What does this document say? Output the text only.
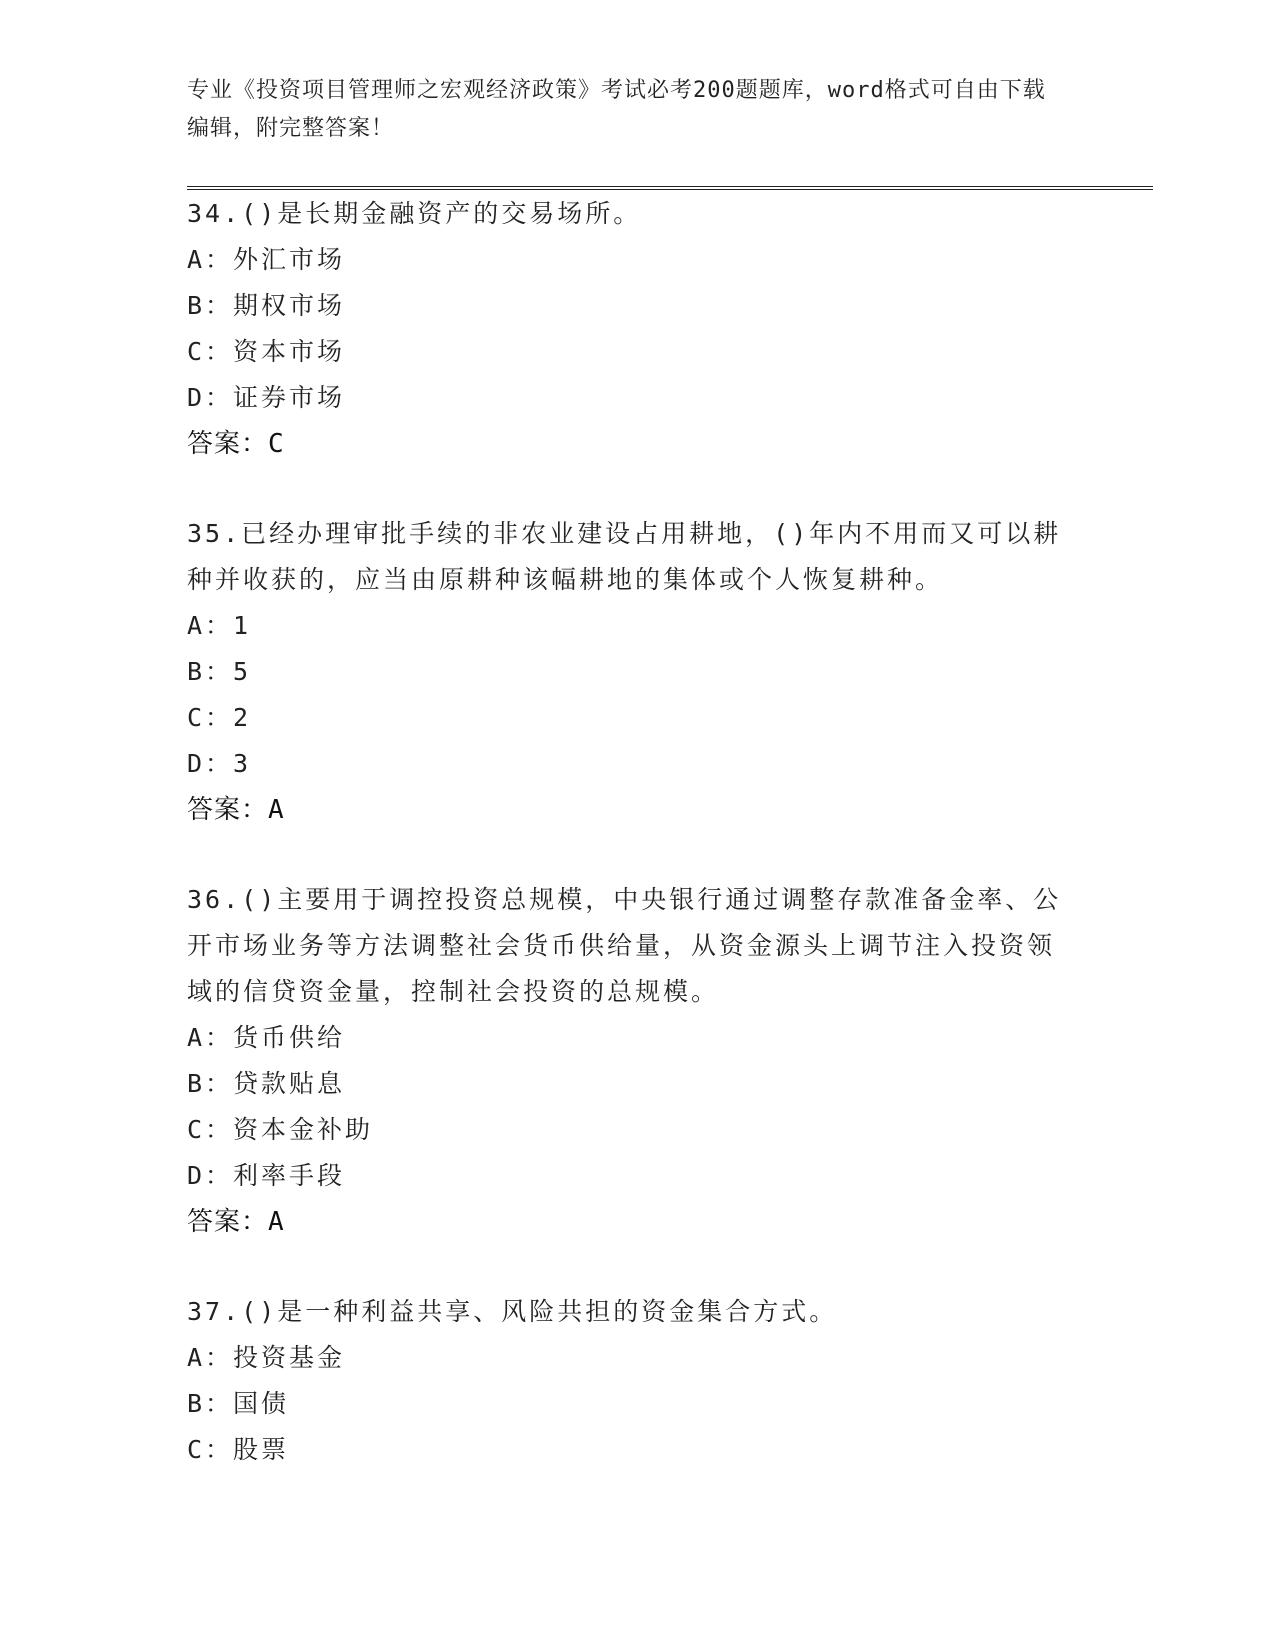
专业《投资项目管理师之宏观经济政策》考试必考200题题库，word格式可自由下载编辑，附完整答案！
34.()是长期金融资产的交易场所。
A：外汇市场
B：期权市场
C：资本市场
D：证券市场
答案：C
35.已经办理审批手续的非农业建设占用耕地，()年内不用而又可以耕种并收获的，应当由原耕种该幅耕地的集体或个人恢复耕种。
A：1
B：5
C：2
D：3
答案：A
36.()主要用于调控投资总规模，中央银行通过调整存款准备金率、公开市场业务等方法调整社会货币供给量，从资金源头上调节注入投资领域的信贷资金量，控制社会投资的总规模。
A：货币供给
B：贷款贴息
C：资本金补助
D：利率手段
答案：A
37.()是一种利益共享、风险共担的资金集合方式。
A：投资基金
B：国债
C：股票
